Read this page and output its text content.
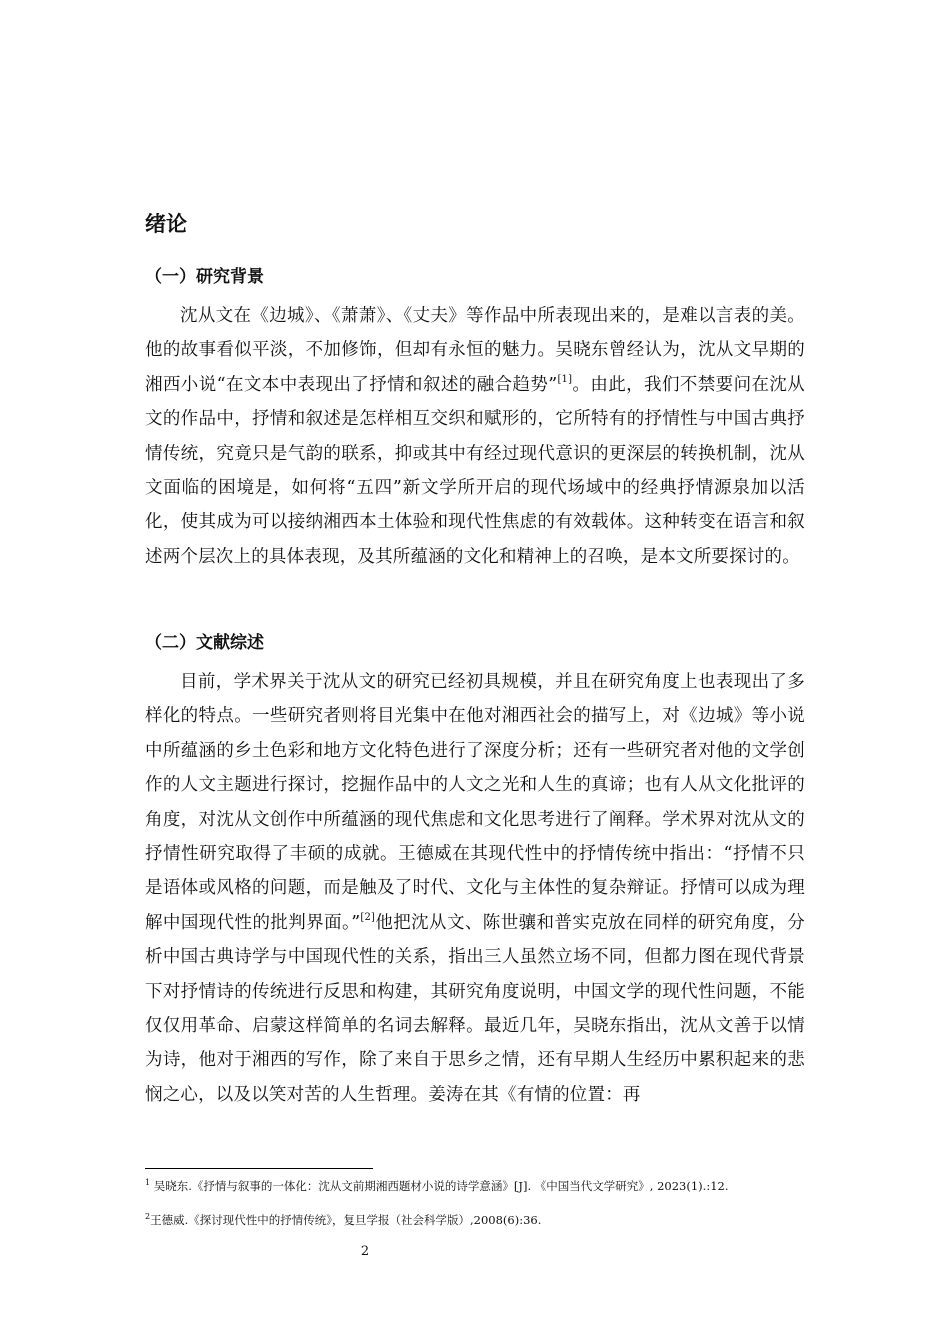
绪论
（一）研究背景

沈从文在《边城》、《萧萧》、《丈夫》等作品中所表现出来的，是难以言表的美。他的故事看似平淡，不加修饰，但却有永恒的魅力。吴晓东曾经认为，沈从文早期的湘西小说“在文本中表现出了抒情和叙述的融合趋势”[1]。由此，我们不禁要问在沈从文的作品中，抒情和叙述是怎样相互交织和赋形的，它所特有的抒情性与中国古典抒情传统，究竟只是气韵的联系，抑或其中有经过现代意识的更深层的转换机制，沈从文面临的困境是，如何将“五四”新文学所开启的现代场域中的经典抒情源泉加以活化，使其成为可以接纳湘西本土体验和现代性焦虑的有效载体。这种转变在语言和叙述两个层次上的具体表现，及其所蕴涵的文化和精神上的召唤，是本文所要探讨的。

（二）文献综述

目前，学术界关于沈从文的研究已经初具规模，并且在研究角度上也表现出了多样化的特点。一些研究者则将目光集中在他对湘西社会的描写上，对《边城》等小说中所蕴涵的乡土色彩和地方文化特色进行了深度分析；还有一些研究者对他的文学创作的人文主题进行探讨，挖掘作品中的人文之光和人生的真谛；也有人从文化批评的角度，对沈从文创作中所蕴涵的现代焦虑和文化思考进行了阐释。学术界对沈从文的抒情性研究取得了丰硕的成就。王德威在其现代性中的抒情传统中指出：“抒情不只是语体或风格的问题，而是触及了时代、文化与主体性的复杂辩证。抒情可以成为理解中国现代性的批判界面。”[2]他把沈从文、陈世骧和普实克放在同样的研究角度，分析中国古典诗学与中国现代性的关系，指出三人虽然立场不同，但都力图在现代背景下对抒情诗的传统进行反思和构建，其研究角度说明，中国文学的现代性问题，不能仅仅用革命、启蒙这样简单的名词去解释。最近几年，吴晓东指出，沈从文善于以情为诗，他对于湘西的写作，除了来自于思乡之情，还有早期人生经历中累积起来的悲悯之心，以及以笑对苦的人生哲理。姜涛在其《有情的位置：再

$^1$ 吴晓东.《抒情与叙事的一体化：沈从文前期湘西题材小说的诗学意涵》[J]. 《中国当代文学研究》, 2023(1).:12.

$^2$王德威.《探讨现代性中的抒情传统》，复旦学报（社会科学版）,2008(6):36.

2
